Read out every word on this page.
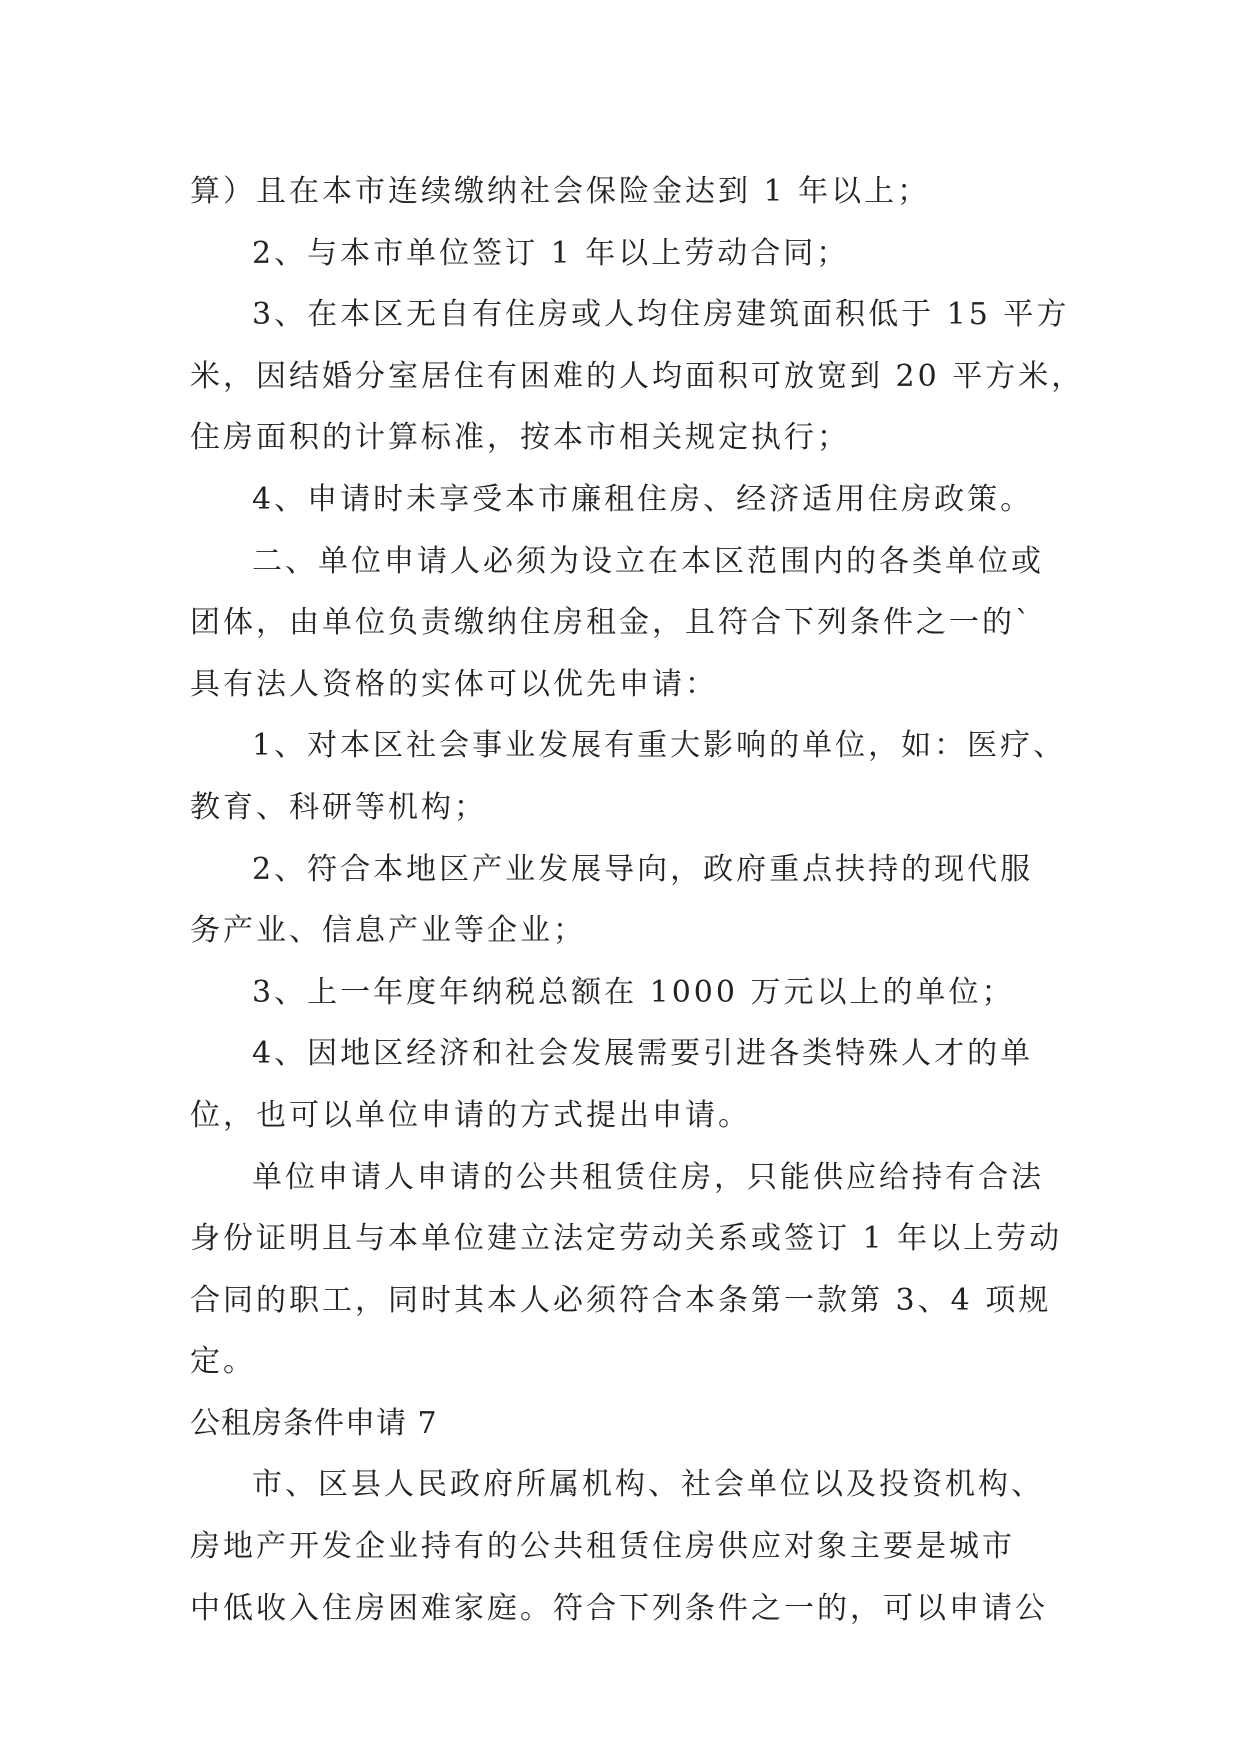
算）且在本市连续缴纳社会保险金达到 1 年以上；
2、与本市单位签订 1 年以上劳动合同；
3、在本区无自有住房或人均住房建筑面积低于 15 平方
米，因结婚分室居住有困难的人均面积可放宽到 20 平方米，
住房面积的计算标准，按本市相关规定执行；
4、申请时未享受本市廉租住房、经济适用住房政策。
二、单位申请人必须为设立在本区范围内的各类单位或
团体，由单位负责缴纳住房租金，且符合下列条件之一的`
具有法人资格的实体可以优先申请：
1、对本区社会事业发展有重大影响的单位，如：医疗、
教育、科研等机构；
2、符合本地区产业发展导向，政府重点扶持的现代服
务产业、信息产业等企业；
3、上一年度年纳税总额在 1000 万元以上的单位；
4、因地区经济和社会发展需要引进各类特殊人才的单
位，也可以单位申请的方式提出申请。
单位申请人申请的公共租赁住房，只能供应给持有合法
身份证明且与本单位建立法定劳动关系或签订 1 年以上劳动
合同的职工，同时其本人必须符合本条第一款第 3、4 项规
定。
公租房条件申请 7
市、区县人民政府所属机构、社会单位以及投资机构、
房地产开发企业持有的公共租赁住房供应对象主要是城市
中低收入住房困难家庭。符合下列条件之一的，可以申请公
